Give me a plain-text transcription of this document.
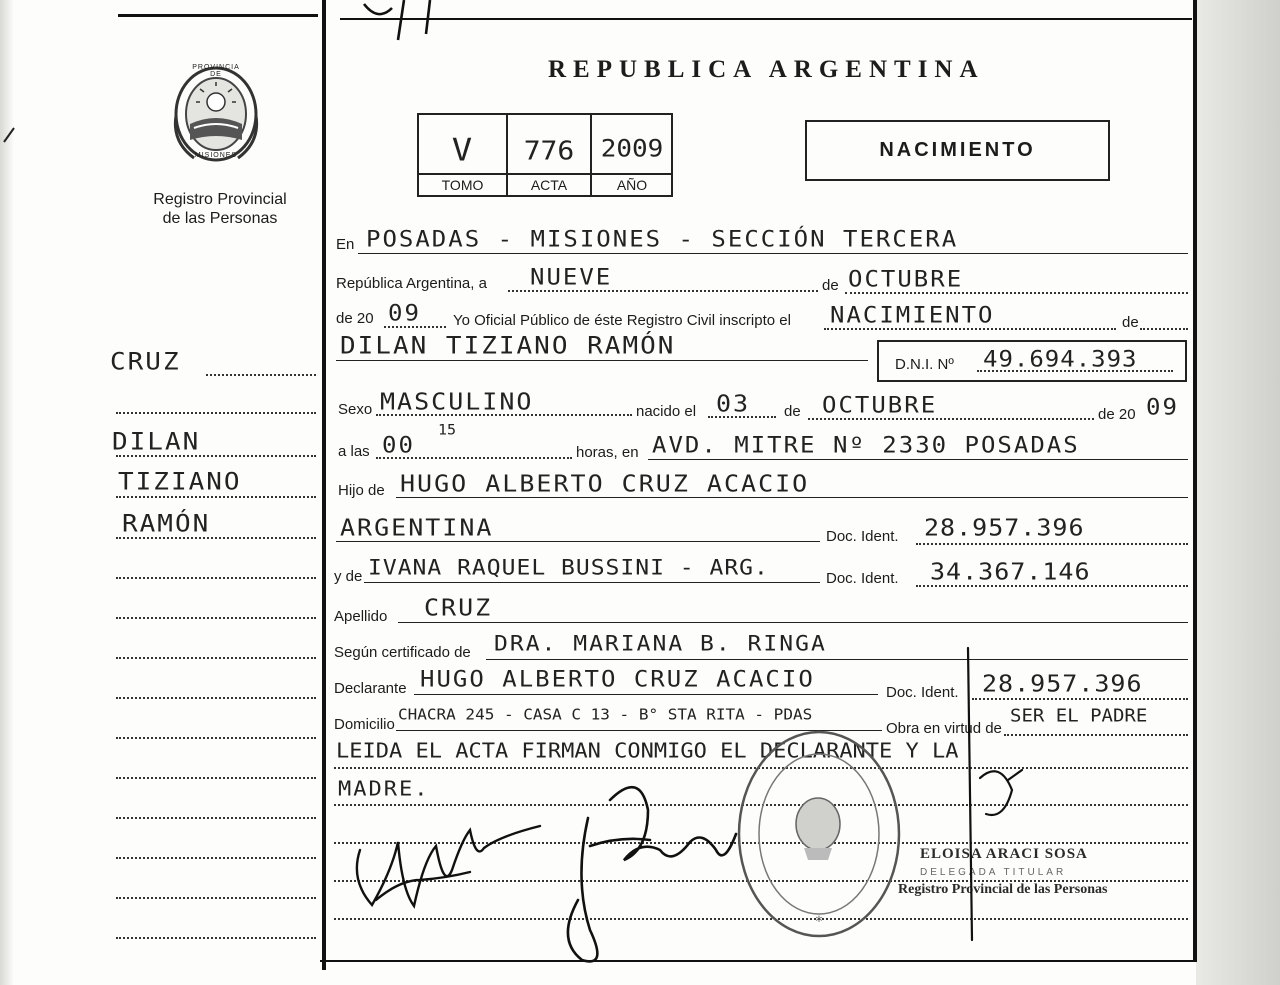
PROVINCIA DE
MISIONES
Registro Provincial
de las Personas
REPUBLICA ARGENTINA
V	776	2009
TOMO	ACTA	AÑO
NACIMIENTO
CRUZ
DILAN
TIZIANO
RAMÓN
En POSADAS - MISIONES - SECCIÓN TERCERA
República Argentina, a NUEVE	de OCTUBRE
de 20 09 Yo Oficial Público de éste Registro Civil inscripto el NACIMIENTO	de
DILAN TIZIANO RAMÓN
D.N.I. Nº 49.694.393
Sexo MASCULINO	nacido el 03 de OCTUBRE	de 20 09
a las 00
15
horas, en AVD. MITRE Nº 2330 POSADAS
Hijo de HUGO ALBERTO CRUZ ACACIO
ARGENTINA	Doc. Ident. 28.957.396
y de IVANA RAQUEL BUSSINI - ARG.	Doc. Ident. 34.367.146
Apellido CRUZ
Según certificado de DRA. MARIANA B. RINGA
Declarante HUGO ALBERTO CRUZ ACACIO
Doc. Ident. 28.957.396
Domicilio
CHACRA 245 - CASA C 13 - B° STA RITA - PDAS
Obra en virtud de
SER EL PADRE
LEIDA EL ACTA FIRMAN CONMIGO EL DECLARANTE Y LA
MADRE.
*
ELOISA ARACI SOSA
DELEGADA TITULAR
Registro Provincial de las Personas
